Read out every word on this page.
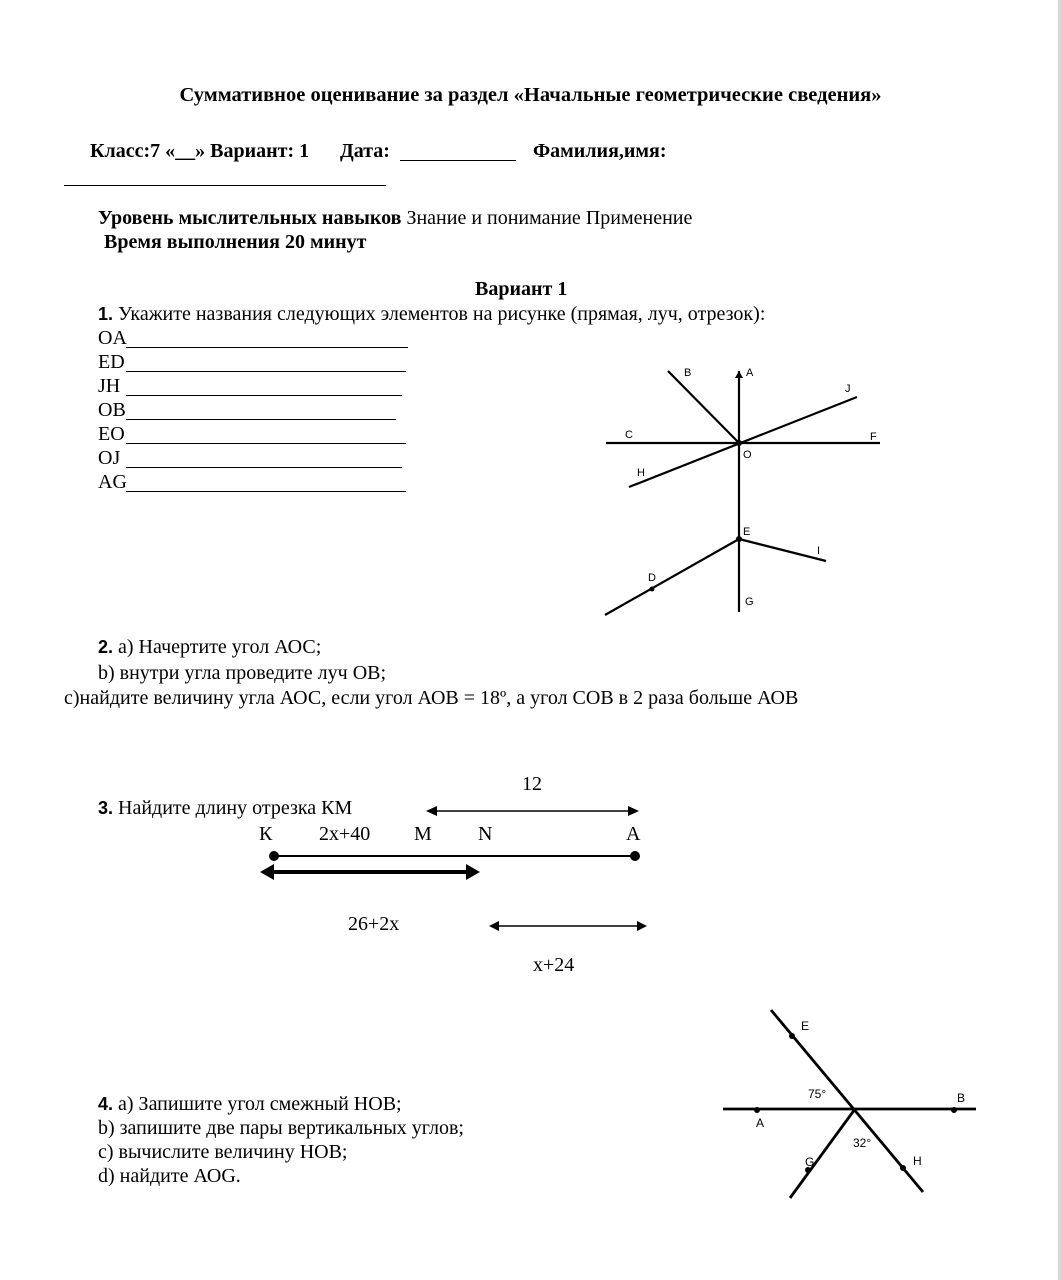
Суммативное оценивание за раздел «Начальные геометрические сведения»
Класс:7 «__» Вариант: 1 Дата:	Фамилия,имя:
Уровень мыслительных навыков Знание и понимание Применение
Время выполнения 20 минут
Вариант 1
1. Укажите названия следующих элементов на рисунке (прямая, луч, отрезок):
OA
ED
JH
OB
EO
OJ
AG
B	A
J
C	F
O
H
E
I
D
G
12
К 2х+40 М N	А
26+2х
х+24
E
B
A
G	H
75°
32°
2. а) Начертите угол АОС;
b) внутри угла проведите луч ОВ;
с)найдите величину угла АОС, если угол АОВ = 18º, а угол СОВ в 2 раза больше АОВ
3. Найдите длину отрезка КМ
4. а) Запишите угол смежный НОВ;
b) запишите две пары вертикальных углов;
с) вычислите величину НОВ;
d) найдите АОG.
